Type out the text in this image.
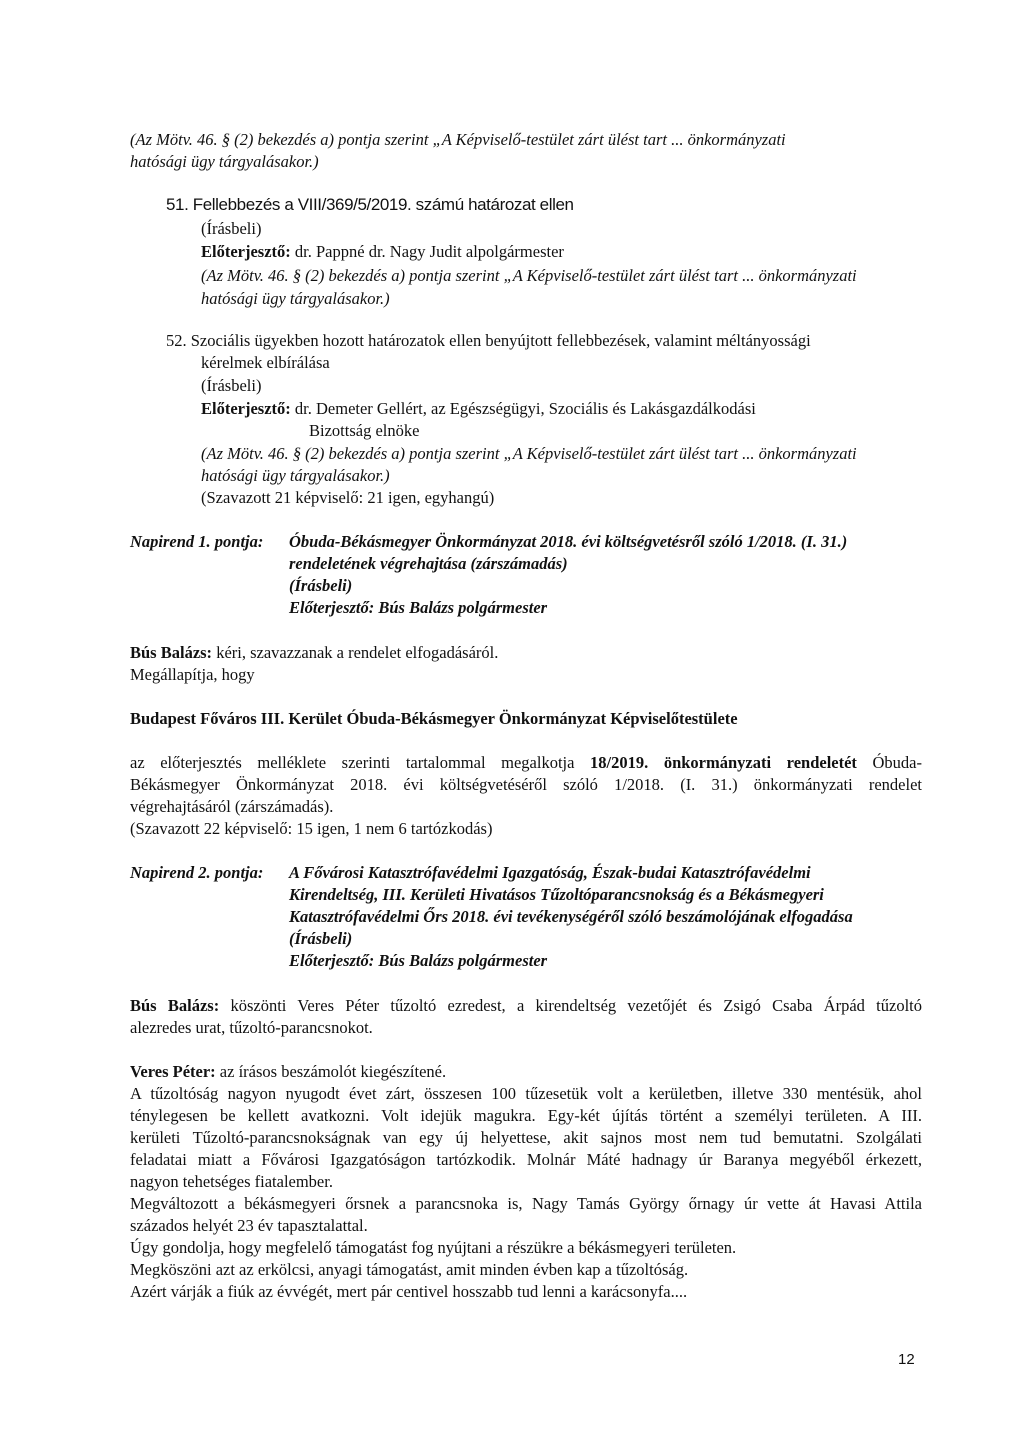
(Az Mötv. 46. § (2) bekezdés a) pontja szerint „A Képviselő-testület zárt ülést tart ... önkormányzati
hatósági ügy tárgyalásakor.)
51. Fellebbezés a VIII/369/5/2019. számú határozat ellen
(Írásbeli)
Előterjesztő: dr. Pappné dr. Nagy Judit alpolgármester
(Az Mötv. 46. § (2) bekezdés a) pontja szerint „A Képviselő-testület zárt ülést tart ... önkormányzati
hatósági ügy tárgyalásakor.)
52. Szociális ügyekben hozott határozatok ellen benyújtott fellebbezések, valamint méltányossági
kérelmek elbírálása
(Írásbeli)
Előterjesztő: dr. Demeter Gellért, az Egészségügyi, Szociális és Lakásgazdálkodási
Bizottság elnöke
(Az Mötv. 46. § (2) bekezdés a) pontja szerint „A Képviselő-testület zárt ülést tart ... önkormányzati
hatósági ügy tárgyalásakor.)
(Szavazott 21 képviselő: 21 igen, egyhangú)
Napirend 1. pontja: Óbuda-Békásmegyer Önkormányzat 2018. évi költségvetésről szóló 1/2018. (I. 31.)
rendeletének végrehajtása (zárszámadás)
(Írásbeli)
Előterjesztő: Bús Balázs polgármester
Bús Balázs: kéri, szavazzanak a rendelet elfogadásáról.
Megállapítja, hogy
Budapest Főváros III. Kerület Óbuda-Békásmegyer Önkormányzat Képviselőtestülete
az előterjesztés melléklete szerinti tartalommal megalkotja 18/2019. önkormányzati rendeletét Óbuda-
Békásmegyer Önkormányzat 2018. évi költségvetéséről szóló 1/2018. (I. 31.) önkormányzati rendelet
végrehajtásáról (zárszámadás).
(Szavazott 22 képviselő: 15 igen, 1 nem 6 tartózkodás)
Napirend 2. pontja: A Fővárosi Katasztrófavédelmi Igazgatóság, Észak-budai Katasztrófavédelmi
Kirendeltség, III. Kerületi Hivatásos Tűzoltóparancsnokság és a Békásmegyeri
Katasztrófavédelmi Őrs 2018. évi tevékenységéről szóló beszámolójának elfogadása
(Írásbeli)
Előterjesztő: Bús Balázs polgármester
Bús Balázs: köszönti Veres Péter tűzoltó ezredest, a kirendeltség vezetőjét és Zsigó Csaba Árpád tűzoltó
alezredes urat, tűzoltó-parancsnokot.
Veres Péter: az írásos beszámolót kiegészítené.
A tűzoltóság nagyon nyugodt évet zárt, összesen 100 tűzesetük volt a kerületben, illetve 330 mentésük, ahol
ténylegesen be kellett avatkozni. Volt idejük magukra. Egy-két újítás történt a személyi területen. A III.
kerületi Tűzoltó-parancsnokságnak van egy új helyettese, akit sajnos most nem tud bemutatni. Szolgálati
feladatai miatt a Fővárosi Igazgatóságon tartózkodik. Molnár Máté hadnagy úr Baranya megyéből érkezett,
nagyon tehetséges fiatalember.
Megváltozott a békásmegyeri őrsnek a parancsnoka is, Nagy Tamás György őrnagy úr vette át Havasi Attila
százados helyét 23 év tapasztalattal.
Úgy gondolja, hogy megfelelő támogatást fog nyújtani a részükre a békásmegyeri területen.
Megköszöni azt az erkölcsi, anyagi támogatást, amit minden évben kap a tűzoltóság.
Azért várják a fiúk az évvégét, mert pár centivel hosszabb tud lenni a karácsonyfa....
12
